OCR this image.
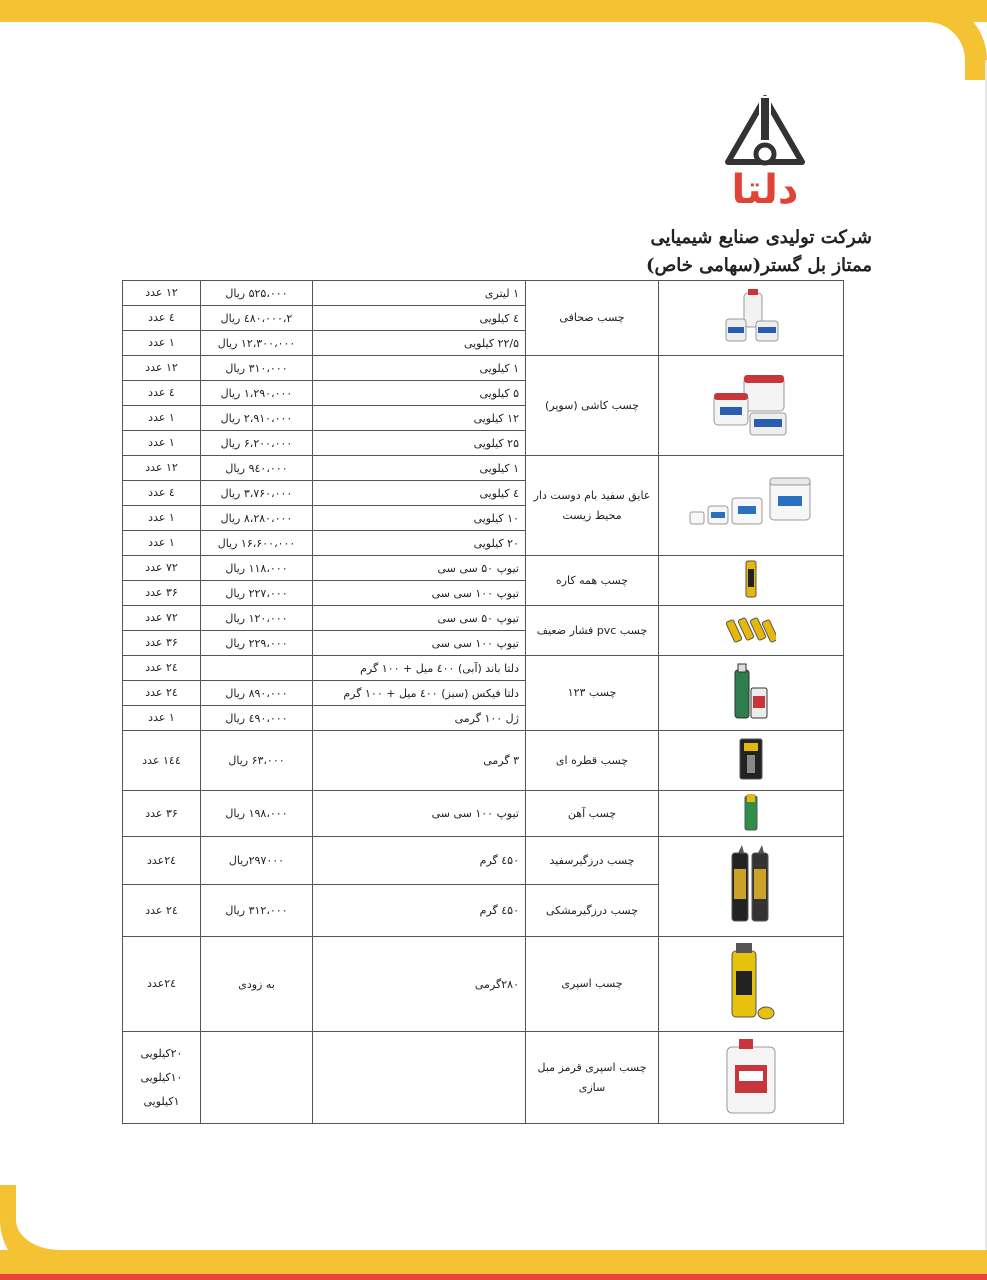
دلتا
شرکت تولیدی صنایع شیمیایی
ممتاز بل گستر(سهامی خاص)
	چسب صحافی	۱ لیتری	۵۲۵،۰۰۰ ریال	۱۲ عدد
		٤ کیلویی	۲،٤۸۰،۰۰۰ ریال	٤ عدد
		۲۲/۵ کیلویی	۱۲،۳۰۰،۰۰۰ ریال	۱ عدد
	چسب کاشی (سوپر)	۱ کیلویی	۳۱۰،۰۰۰ ریال	۱۲ عدد
		۵ کیلویی	۱،۲۹۰،۰۰۰ ریال	٤ عدد
		۱۲ کیلویی	۲،۹۱۰،۰۰۰ ریال	۱ عدد
		۲۵ کیلویی	۶،۲۰۰،۰۰۰ ریال	۱ عدد
	عایق سفید بام دوست دار محیط زیست	۱ کیلویی	۹٤۰،۰۰۰ ریال	۱۲ عدد
		٤ کیلویی	۳،۷۶۰،۰۰۰ ریال	٤ عدد
		۱۰ کیلویی	۸،۲۸۰،۰۰۰ ریال	۱ عدد
		۲۰ کیلویی	۱۶،۶۰۰،۰۰۰ ریال	۱ عدد
	چسب همه کاره	تیوپ ۵۰ سی سی	۱۱۸،۰۰۰ ریال	۷۲ عدد
		تیوپ ۱۰۰ سی سی	۲۲۷،۰۰۰ ریال	۳۶ عدد
	چسب pvc فشار ضعیف	تیوپ ۵۰ سی سی	۱۲۰،۰۰۰ ریال	۷۲ عدد
		تیوپ ۱۰۰ سی سی	۲۲۹،۰۰۰ ریال	۳۶ عدد
	چسب ۱۲۳	دلتا باند (آبی) ٤۰۰ میل + ۱۰۰ گرم		۲٤ عدد
		دلتا فیکس (سبز) ٤۰۰ میل + ۱۰۰ گرم	۸۹۰،۰۰۰ ریال	۲٤ عدد
		ژل ۱۰۰ گرمی	٤۹۰،۰۰۰ ریال	۱ عدد
	چسب قطره ای	۳ گرمی	۶۳،۰۰۰ ریال	۱٤٤ عدد
	چسب آهن	تیوپ ۱۰۰ سی سی	۱۹۸،۰۰۰ ریال	۳۶ عدد
	چسب درزگیرسفید	٤۵۰ گرم	۲۹۷۰۰۰ریال	۲٤عدد
	چسب درزگیرمشکی	٤۵۰ گرم	۳۱۲،۰۰۰ ریال	۲٤ عدد
	چسب اسپری	۲۸۰گرمی	به زودی	۲٤عدد
	چسب اسپری قرمز مبل سازی			۲۰کیلویی ۱۰کیلویی ۱کیلویی
